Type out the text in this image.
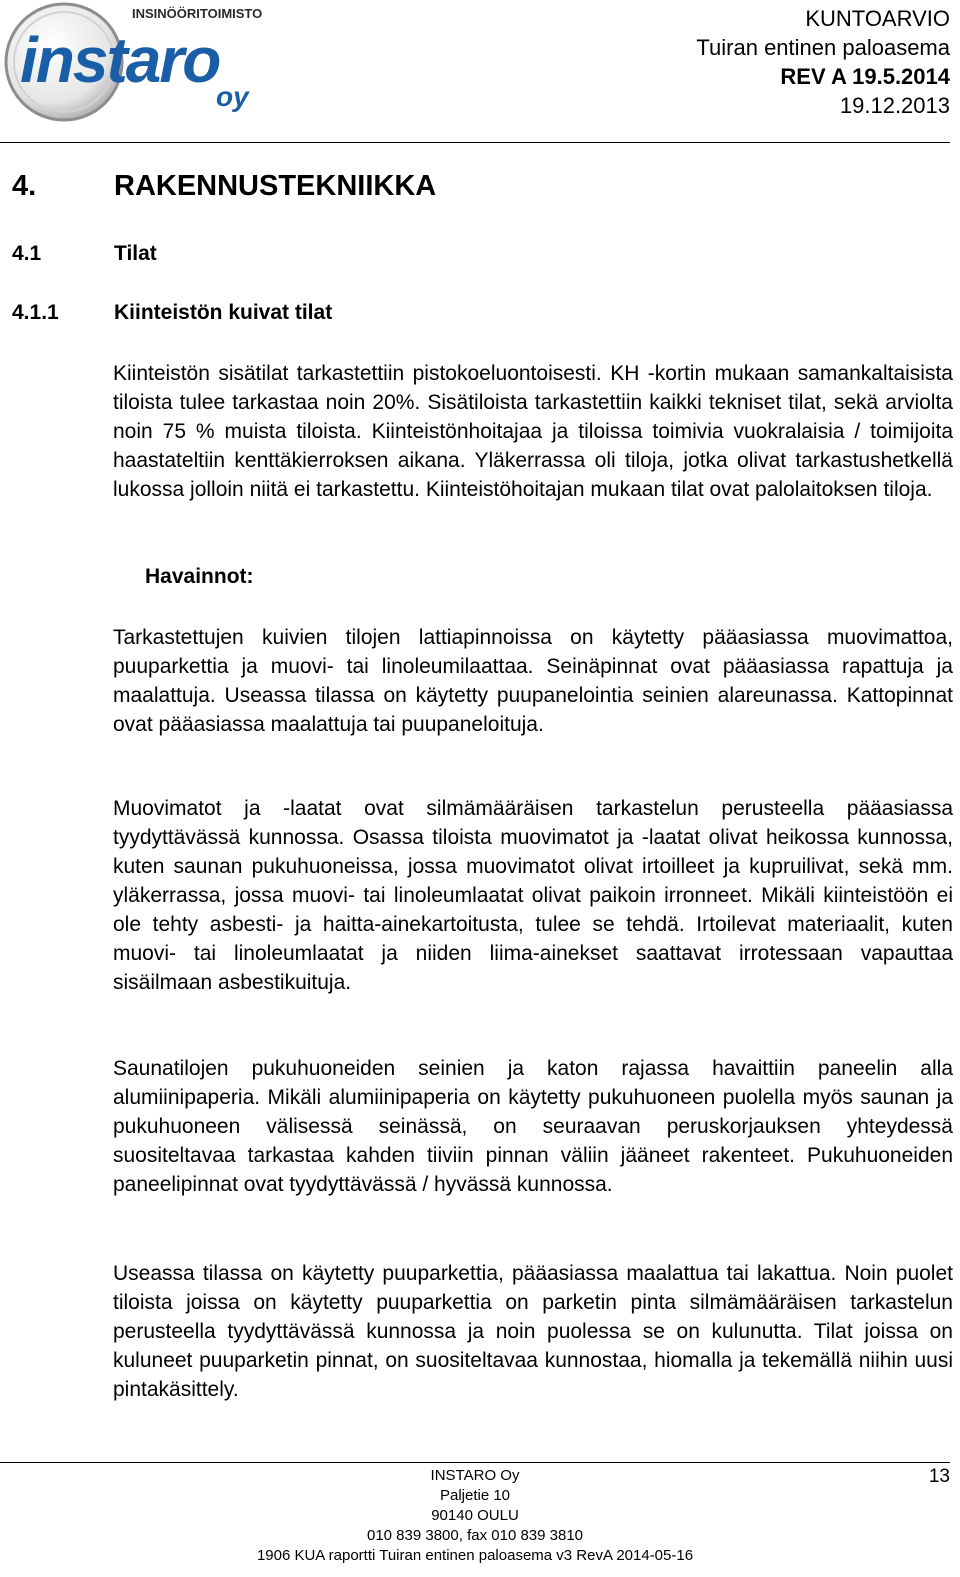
INSINÖÖRITOIMISTO
instaro
oy
KUNTOARVIO
Tuiran entinen paloasema
REV A 19.5.2014
19.12.2013
4.	RAKENNUSTEKNIIKKA
4.1	Tilat
4.1.1	Kiinteistön kuivat tilat

Kiinteistön sisätilat tarkastettiin pistokoeluontoisesti. KH -kortin mukaan samankaltaisista tiloista tulee tarkastaa noin 20%. Sisätiloista tarkastettiin kaikki tekniset tilat, sekä arviolta noin 75 % muista tiloista. Kiinteistönhoitajaa ja tiloissa toimivia vuokralaisia / toimijoita haastateltiin kenttäkierroksen aikana. Yläkerrassa oli tiloja, jotka olivat tarkastushetkellä lukossa jolloin niitä ei tarkastettu. Kiinteistöhoitajan mukaan tilat ovat palolaitoksen tiloja.

Havainnot:

Tarkastettujen kuivien tilojen lattiapinnoissa on käytetty pääasiassa muovimattoa, puuparkettia ja muovi- tai linoleumilaattaa. Seinäpinnat ovat pääasiassa rapattuja ja maalattuja. Useassa tilassa on käytetty puupanelointia seinien alareunassa. Kattopinnat ovat pääasiassa maalattuja tai puupaneloituja.

Muovimatot ja -laatat ovat silmämääräisen tarkastelun perusteella pääasiassa tyydyttävässä kunnossa. Osassa tiloista muovimatot ja -laatat olivat heikossa kunnossa, kuten saunan pukuhuoneissa, jossa muovimatot olivat irtoilleet ja kupruilivat, sekä mm. yläkerrassa, jossa muovi- tai linoleumlaatat olivat paikoin irronneet. Mikäli kiinteistöön ei ole tehty asbesti- ja haitta-ainekartoitusta, tulee se tehdä. Irtoilevat materiaalit, kuten muovi- tai linoleumlaatat ja niiden liima-ainekset saattavat irrotessaan vapauttaa sisäilmaan asbestikuituja.

Saunatilojen pukuhuoneiden seinien ja katon rajassa havaittiin paneelin alla alumiinipaperia. Mikäli alumiinipaperia on käytetty pukuhuoneen puolella myös saunan ja pukuhuoneen välisessä seinässä, on seuraavan peruskorjauksen yhteydessä suositeltavaa tarkastaa kahden tiiviin pinnan väliin jääneet rakenteet. Pukuhuoneiden paneelipinnat ovat tyydyttävässä / hyvässä kunnossa.

Useassa tilassa on käytetty puuparkettia, pääasiassa maalattua tai lakattua. Noin puolet tiloista joissa on käytetty puuparkettia on parketin pinta silmämääräisen tarkastelun perusteella tyydyttävässä kunnossa ja noin puolessa se on kulunutta. Tilat joissa on kuluneet puuparketin pinnat, on suositeltavaa kunnostaa, hiomalla ja tekemällä niihin uusi pintakäsittely.

INSTARO Oy
Paljetie 10
90140 OULU
010 839 3800, fax 010 839 3810
1906 KUA raportti Tuiran entinen paloasema v3 RevA 2014-05-16
13
